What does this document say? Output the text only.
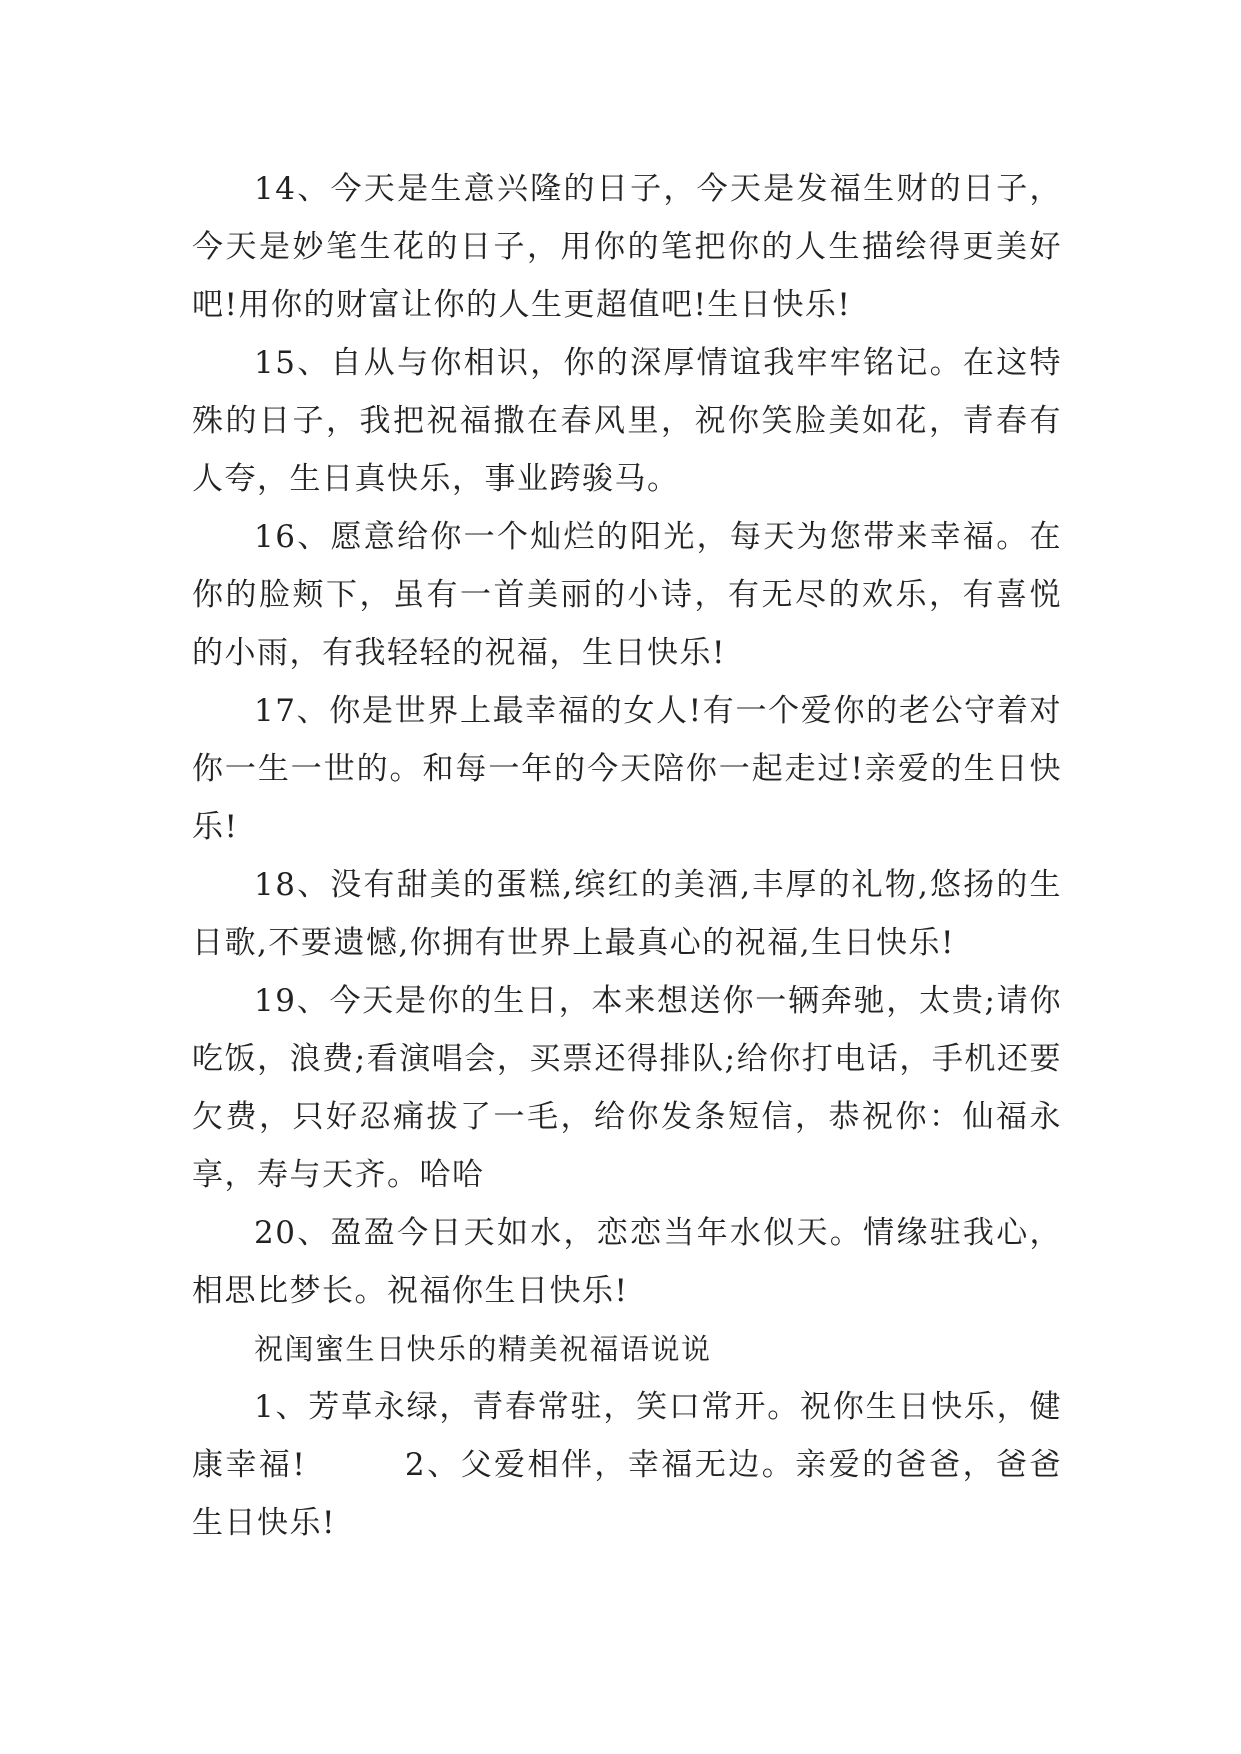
14、今天是生意兴隆的日子，今天是发福生财的日子，今天是妙笔生花的日子，用你的笔把你的人生描绘得更美好吧!用你的财富让你的人生更超值吧!生日快乐!

15、自从与你相识，你的深厚情谊我牢牢铭记。在这特殊的日子，我把祝福撒在春风里，祝你笑脸美如花，青春有人夸，生日真快乐，事业跨骏马。

16、愿意给你一个灿烂的阳光，每天为您带来幸福。在你的脸颊下，虽有一首美丽的小诗，有无尽的欢乐，有喜悦的小雨，有我轻轻的祝福，生日快乐!

17、你是世界上最幸福的女人!有一个爱你的老公守着对你一生一世的。和每一年的今天陪你一起走过!亲爱的生日快乐!

18、没有甜美的蛋糕,缤红的美酒,丰厚的礼物,悠扬的生日歌,不要遗憾,你拥有世界上最真心的祝福,生日快乐!

19、今天是你的生日，本来想送你一辆奔驰，太贵;请你吃饭，浪费;看演唱会，买票还得排队;给你打电话，手机还要欠费，只好忍痛拔了一毛，给你发条短信，恭祝你：仙福永享，寿与天齐。哈哈

20、盈盈今日天如水，恋恋当年水似天。情缘驻我心，相思比梦长。祝福你生日快乐!

祝闺蜜生日快乐的精美祝福语说说

1、芳草永绿，青春常驻，笑口常开。祝你生日快乐，健康幸福!        2、父爱相伴，幸福无边。亲爱的爸爸，爸爸生日快乐!
